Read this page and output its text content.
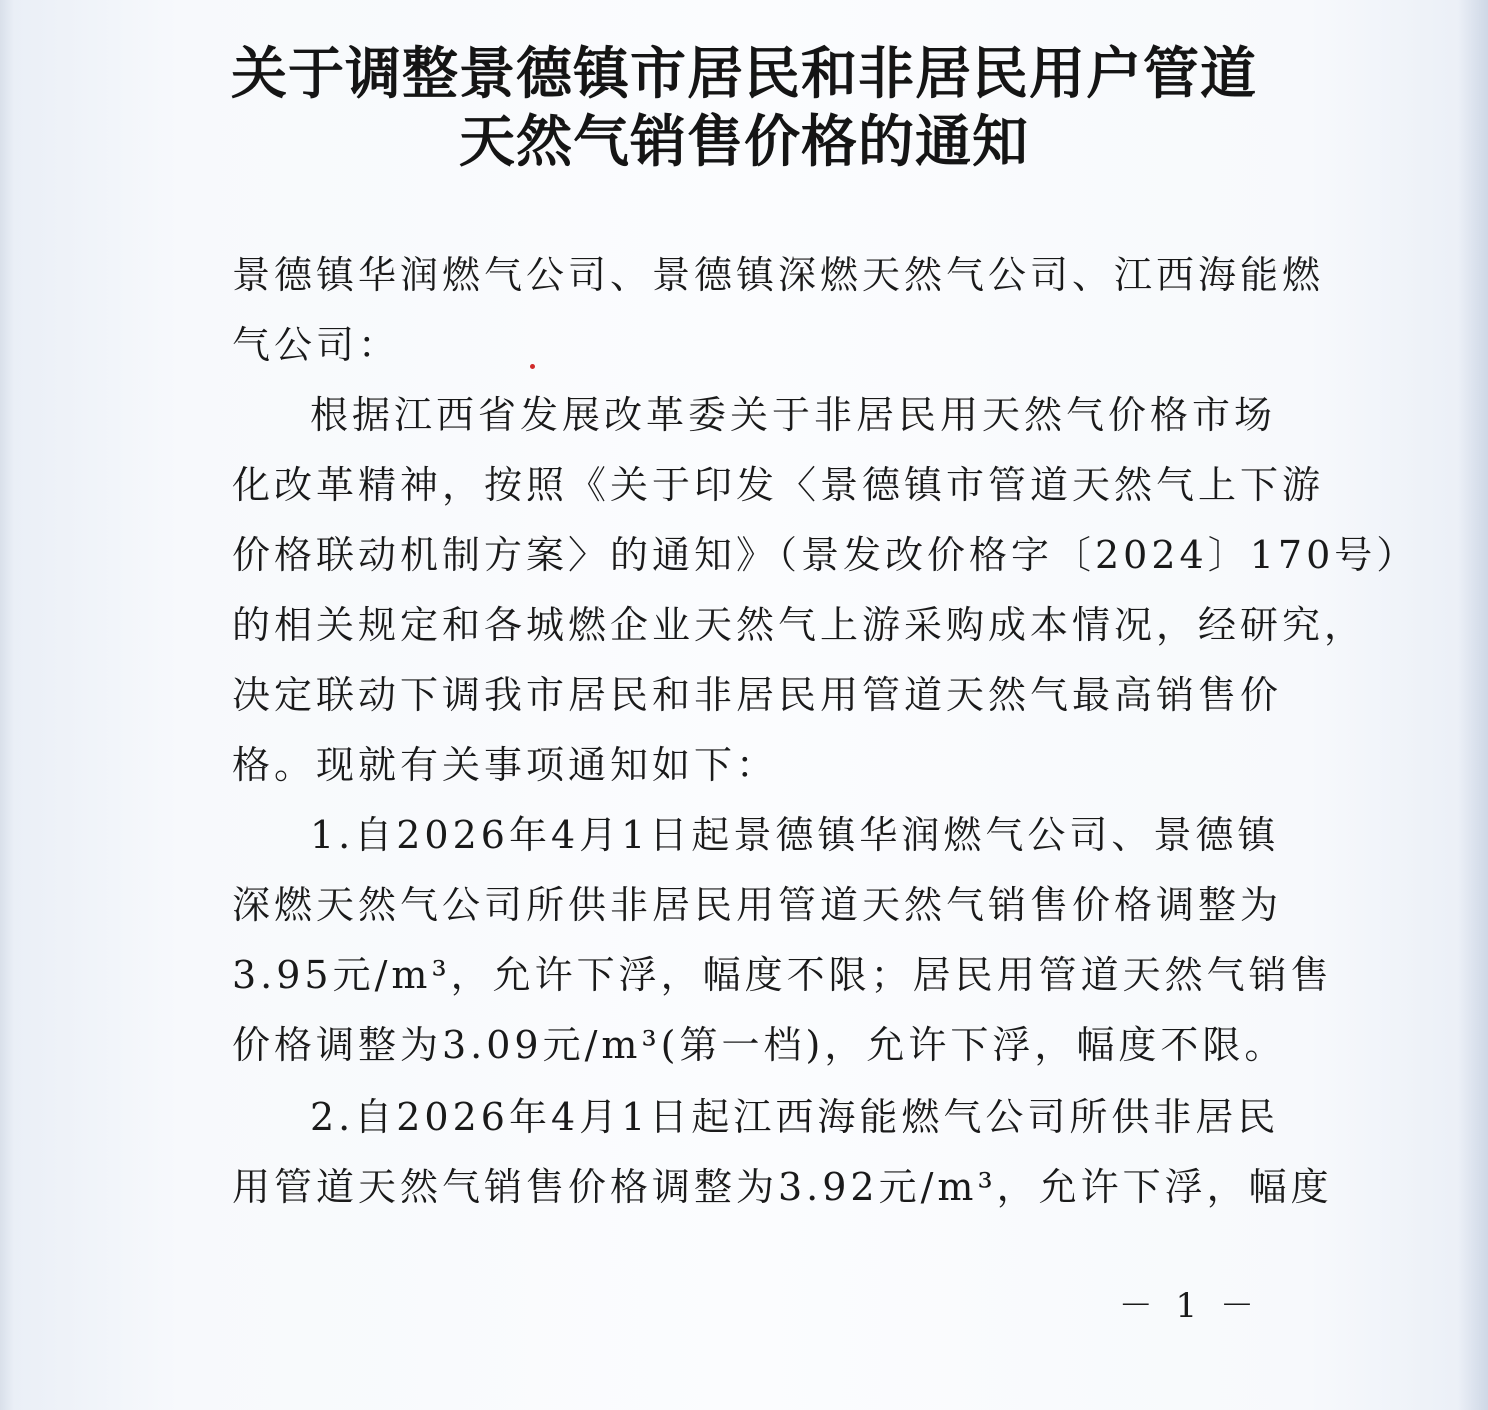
关于调整景德镇市居民和非居民用户管道
天然气销售价格的通知
景德镇华润燃气公司、景德镇深燃天然气公司、江西海能燃
气公司：
根据江西省发展改革委关于非居民用天然气价格市场
化改革精神，按照《关于印发〈景德镇市管道天然气上下游
价格联动机制方案〉的通知》（景发改价格字〔2024〕170号）
的相关规定和各城燃企业天然气上游采购成本情况，经研究，
决定联动下调我市居民和非居民用管道天然气最高销售价
格。现就有关事项通知如下：
1.自2026年4月1日起景德镇华润燃气公司、景德镇
深燃天然气公司所供非居民用管道天然气销售价格调整为
3.95元/m³，允许下浮，幅度不限；居民用管道天然气销售
价格调整为3.09元/m³(第一档)，允许下浮，幅度不限。
2.自2026年4月1日起江西海能燃气公司所供非居民
用管道天然气销售价格调整为3.92元/m³，允许下浮，幅度
－ 1 －
